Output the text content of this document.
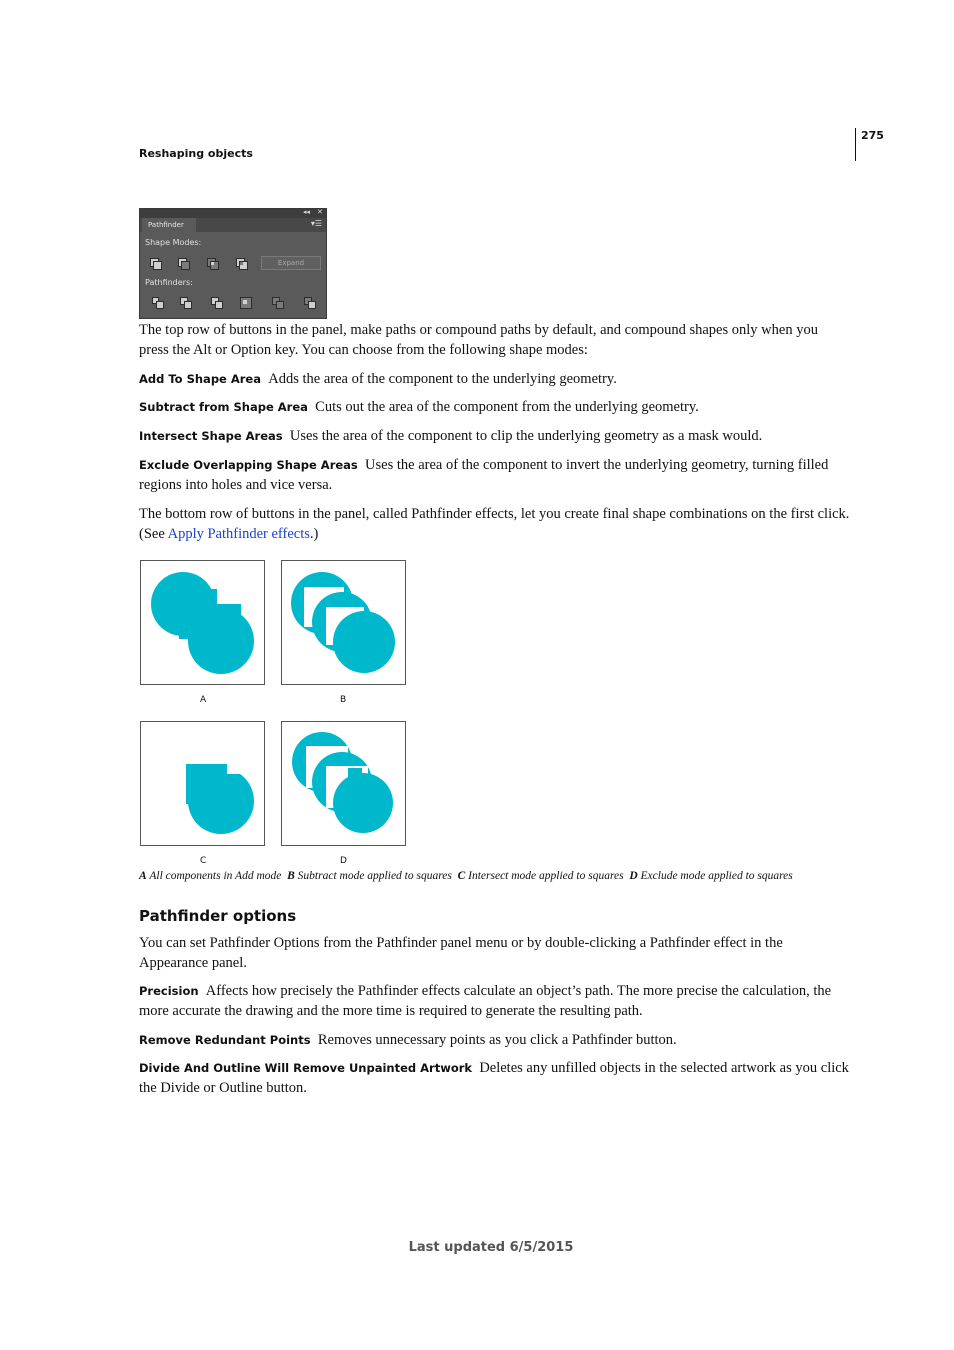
Reshaping objects
275
◂◂ ✕
Pathfinder	▾☰
Shape Modes:
Expand
Pathfinders:
The top row of buttons in the panel, make paths or compound paths by default, and compound shapes only when you press the Alt or Option key. You can choose from the following shape modes:
Add To Shape Area Adds the area of the component to the underlying geometry.
Subtract from Shape Area Cuts out the area of the component from the underlying geometry.
Intersect Shape Areas Uses the area of the component to clip the underlying geometry as a mask would.
Exclude Overlapping Shape Areas Uses the area of the component to invert the underlying geometry, turning filled regions into holes and vice versa.
The bottom row of buttons in the panel, called Pathfinder effects, let you create final shape combinations on the first click. (See Apply Pathfinder effects.)
A	B
C	D
A All components in Add mode B Subtract mode applied to squares C Intersect mode applied to squares D Exclude mode applied to squares
Pathfinder options
You can set Pathfinder Options from the Pathfinder panel menu or by double-clicking a Pathfinder effect in the Appearance panel.
Precision Affects how precisely the Pathfinder effects calculate an object’s path. The more precise the calculation, the more accurate the drawing and the more time is required to generate the resulting path.
Remove Redundant Points Removes unnecessary points as you click a Pathfinder button.
Divide And Outline Will Remove Unpainted Artwork Deletes any unfilled objects in the selected artwork as you click the Divide or Outline button.
Last updated 6/5/2015
